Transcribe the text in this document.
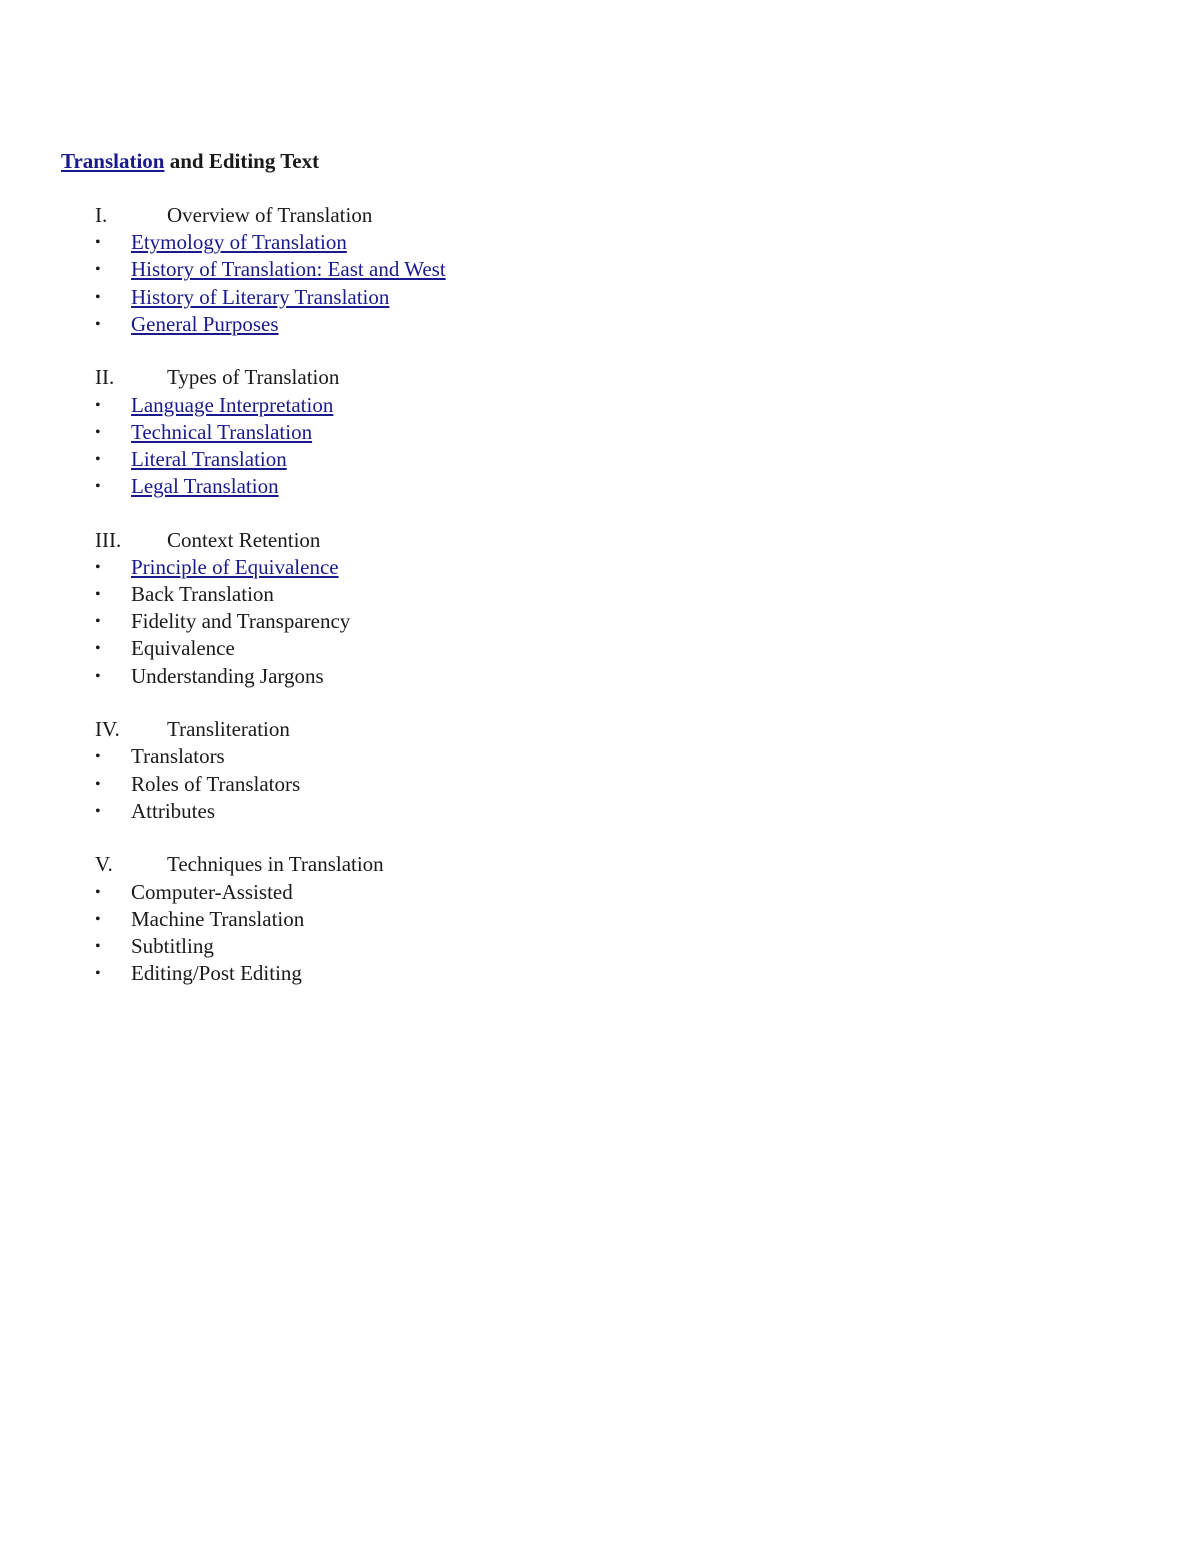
Translation and Editing Text
I.	Overview of Translation
• Etymology of Translation
• History of Translation: East and West
• History of Literary Translation
• General Purposes
II.	Types of Translation
• Language Interpretation
• Technical Translation
• Literal Translation
• Legal Translation
III. Context Retention
• Principle of Equivalence
• Back Translation
• Fidelity and Transparency
• Equivalence
• Understanding Jargons
IV. Transliteration
• Translators
• Roles of Translators
• Attributes
V.	Techniques in Translation
• Computer-Assisted
• Machine Translation
• Subtitling
• Editing/Post Editing
